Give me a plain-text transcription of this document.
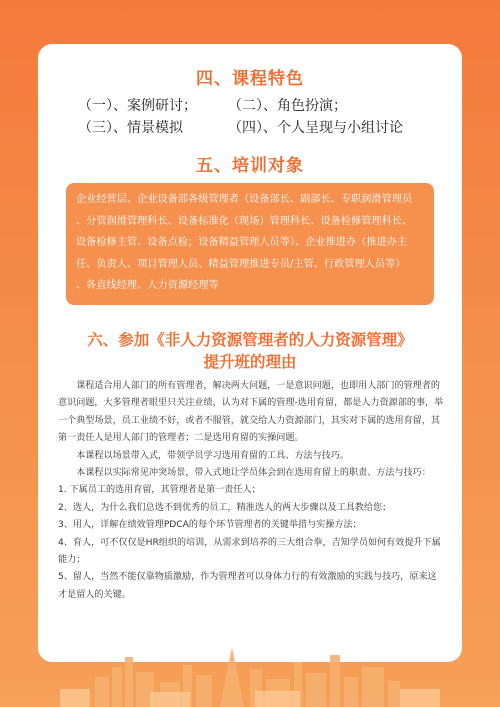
四、课程特色
（一）、案例研讨；	（二）、角色扮演；
（三）、情景模拟	（四）、个人呈现与小组讨论
五、培训对象
企业经营层、企业设备部各级管理者（设备部长、副部长、专职润滑管理员
、分管润滑管理科长、设备标准化（现场）管理科长、设备检修管理科长、
设备检修主管、设备点检；设备精益管理人员等）、企业推进办（推进办主
任、负责人、项目管理人员、精益管理推进专员/主管、行政管理人员等）
、各直线经理、人力资源经理等
六、参加《非人力资源管理者的人力资源管理》
提升班的理由

课程适合用人部门的所有管理者，解决两大问题，一是意识问题，也即用人部门的管理者的意识问题，大多管理者眼里只关注业绩，认为对下属的管理-选用育留，都是人力资源部的事，举一个典型场景，员工业绩不好，或者不服管，就交给人力资源部门，其实对下属的选用育留，其第一责任人是用人部门的管理者；二是选用育留的实操问题。

本课程以场景带入式，带领学员学习选用育留的工具、方法与技巧。

本课程以实际常见冲突场景，带入式地让学员体会到在选用育留上的职责、方法与技巧：

1. 下属员工的选用育留，其管理者是第一责任人；

2、选人，为什么我们总选不到优秀的员工，精准选人的两大步骤以及工具教给您；

3、用人，详解在绩效管理PDCA的每个环节管理者的关键举措与实操方法；

4、育人，可不仅仅是HR组织的培训，从需求到培养的三大组合拳，吉知学员如何有效提升下属能力；

5、留人，当然不能仅靠物质激励，作为管理者可以身体力行的有效激励的实践与技巧，原来这才是留人的关键。
